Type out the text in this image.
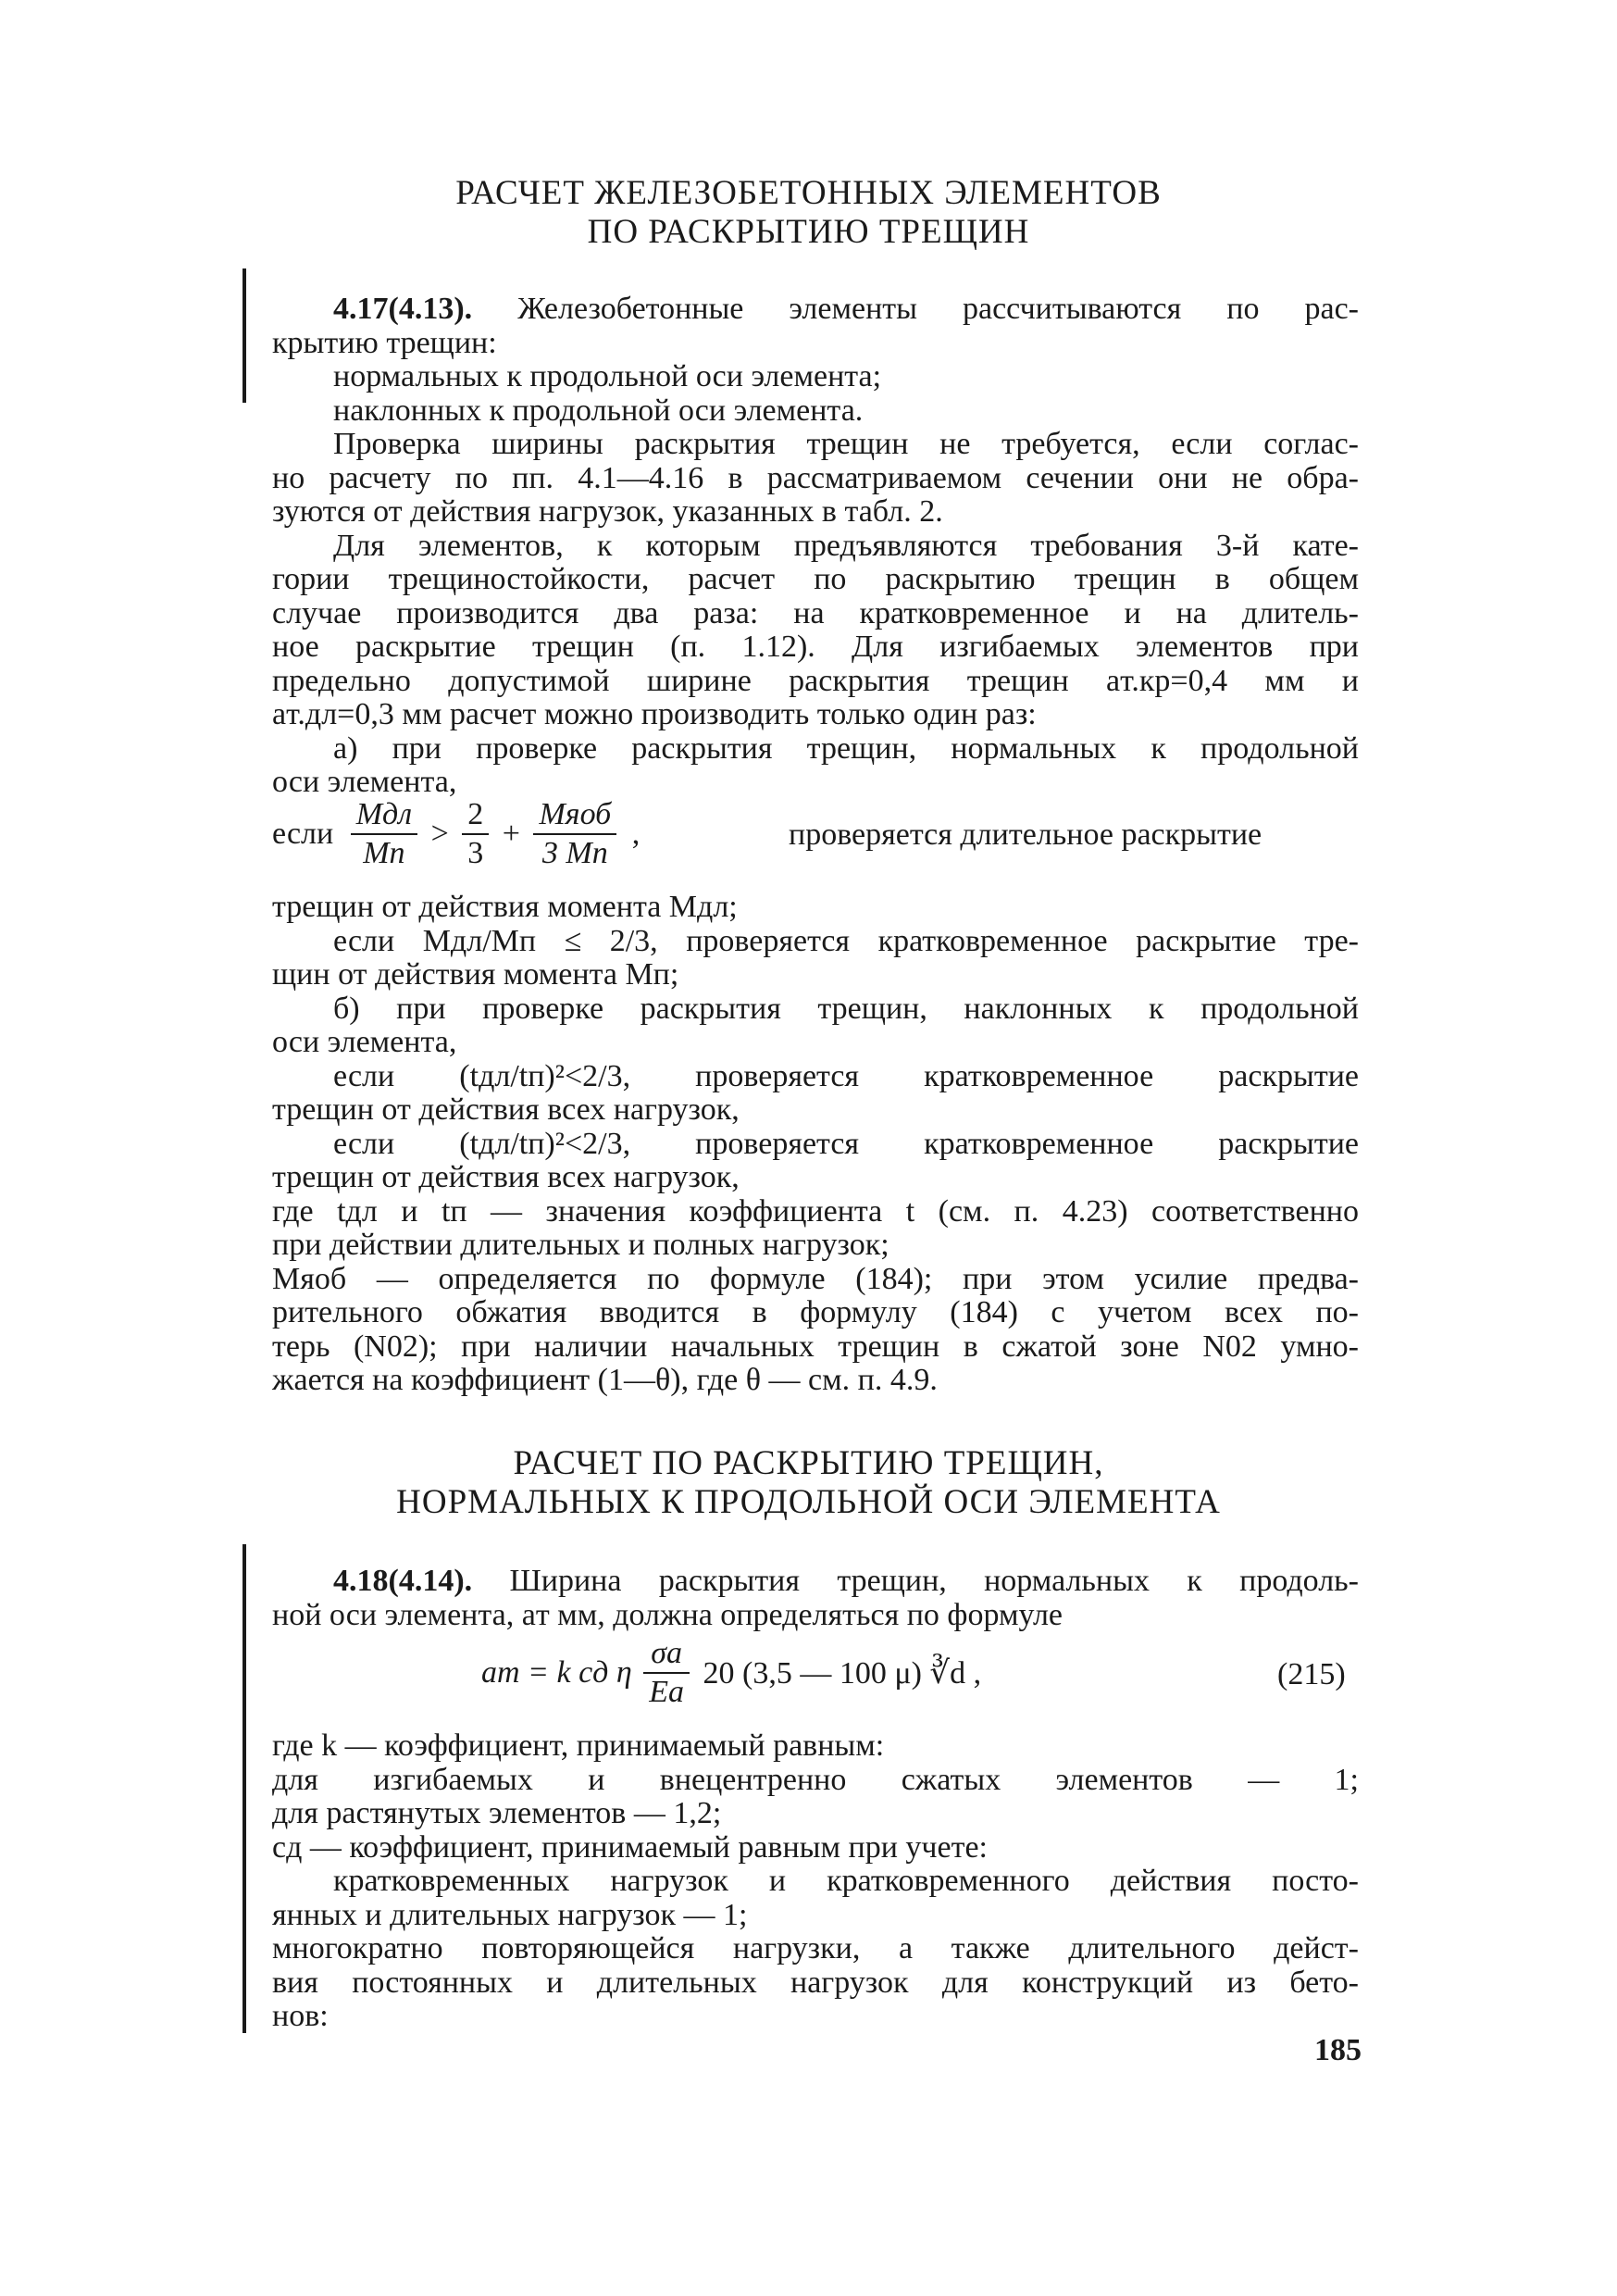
РАСЧЕТ ЖЕЛЕЗОБЕТОННЫХ ЭЛЕМЕНТОВ
ПО РАСКРЫТИЮ ТРЕЩИН
4.17(4.13). Железобетонные элементы рассчитываются по рас-
крытию трещин:
нормальных к продольной оси элемента;
наклонных к продольной оси элемента.
Проверка ширины раскрытия трещин не требуется, если соглас-
но расчету по пп. 4.1—4.16 в рассматриваемом сечении они не обра-
зуются от действия нагрузок, указанных в табл. 2.
Для элементов, к которым предъявляются требования 3-й кате-
гории трещиностойкости, расчет по раскрытию трещин в общем
случае производится два раза: на кратковременное и на длитель-
ное раскрытие трещин (п. 1.12). Для изгибаемых элементов при
предельно допустимой ширине раскрытия трещин aт.кр=0,4 мм и
aт.дл=0,3 мм расчет можно производить только один раз:
а) при проверке раскрытия трещин, нормальных к продольной
оси элемента,
если $\frac{\text{Mдл}}{Mп} > \frac{2}{3} + \frac{\text{Mяоб}}{3 Mп}$ ,	проверяется длительное раскрытие
трещин от действия момента Mдл;
если Mдл/Mп ≤ 2/3, проверяется кратковременное раскрытие тре-
щин от действия момента Mп;
б) при проверке раскрытия трещин, наклонных к продольной
оси элемента,
если (tдл/tп)²<2/3, проверяется кратковременное раскрытие
трещин от действия всех нагрузок,
если (tдл/tп)²<2/3, проверяется кратковременное раскрытие
трещин от действия всех нагрузок,
где tдл и tп — значения коэффициента t (см. п. 4.23) соответственно
при действии длительных и полных нагрузок;
Mяоб — определяется по формуле (184); при этом усилие предва-
рительного обжатия вводится в формулу (184) с учетом всех по-
терь (N02); при наличии начальных трещин в сжатой зоне N02 умно-
жается на коэффициент (1—θ), где θ — см. п. 4.9.
РАСЧЕТ ПО РАСКРЫТИЮ ТРЕЩИН,
НОРМАЛЬНЫХ К ПРОДОЛЬНОЙ ОСИ ЭЛЕМЕНТА
4.18(4.14). Ширина раскрытия трещин, нормальных к продоль-
ной оси элемента, aт мм, должна определяться по формуле
aт = k cд η $\frac{\sigma a}{Ea} 20$ (3,5 — 100 μ) ∛d ,	(215)
где k — коэффициент, принимаемый равным:
для изгибаемых и внецентренно сжатых элементов — 1;
для растянутых элементов — 1,2;
cд — коэффициент, принимаемый равным при учете:
кратковременных нагрузок и кратковременного действия посто-
янных и длительных нагрузок — 1;
многократно повторяющейся нагрузки, а также длительного дейст-
вия постоянных и длительных нагрузок для конструкций из бето-
нов:
185
